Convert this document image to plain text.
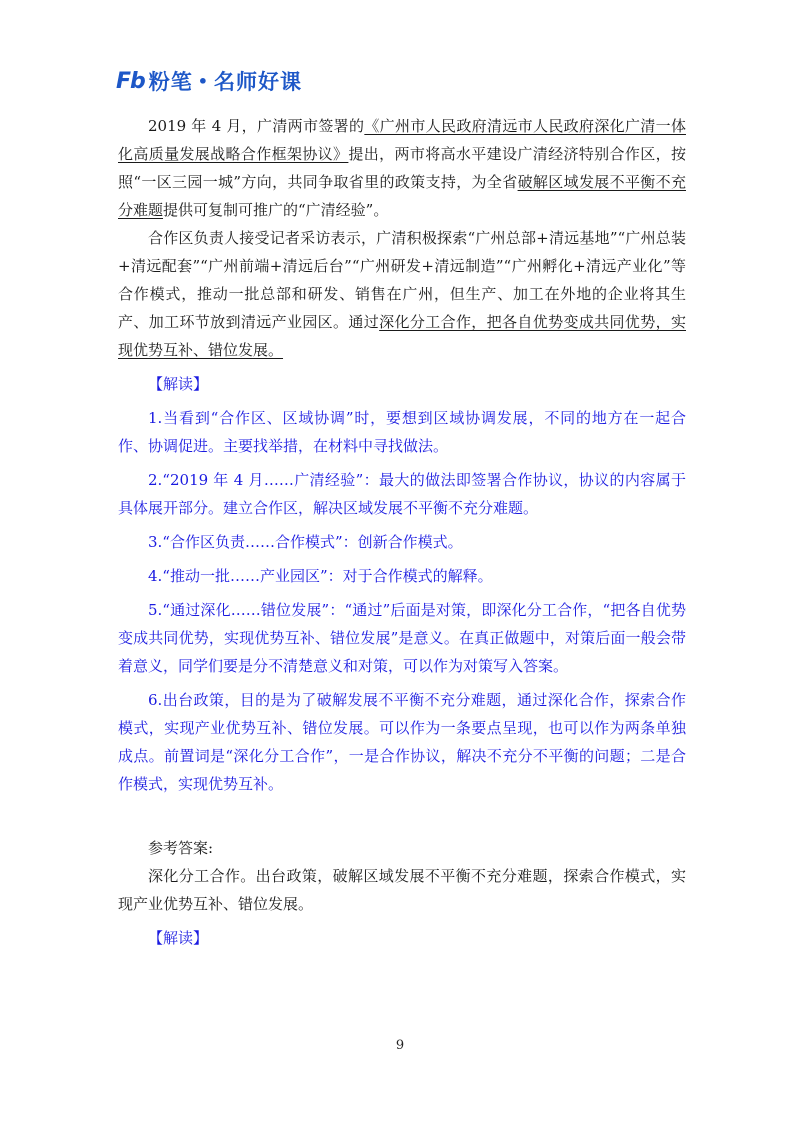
Fb 粉笔 • 名师好课

2019 年 4 月，广清两市签署的《广州市人民政府清远市人民政府深化广清一体化高质量发展战略合作框架协议》提出，两市将高水平建设广清经济特别合作区，按照“一区三园一城”方向，共同争取省里的政策支持，为全省破解区域发展不平衡不充分难题提供可复制可推广的“广清经验”。

合作区负责人接受记者采访表示，广清积极探索“广州总部+清远基地”“广州总装+清远配套”“广州前端+清远后台”“广州研发+清远制造”“广州孵化+清远产业化”等合作模式，推动一批总部和研发、销售在广州，但生产、加工在外地的企业将其生产、加工环节放到清远产业园区。通过深化分工合作，把各自优势变成共同优势，实现优势互补、错位发展。

【解读】

1.当看到“合作区、区域协调”时，要想到区域协调发展，不同的地方在一起合作、协调促进。主要找举措，在材料中寻找做法。

2.“2019 年 4 月……广清经验”：最大的做法即签署合作协议，协议的内容属于具体展开部分。建立合作区，解决区域发展不平衡不充分难题。

3.“合作区负责……合作模式”：创新合作模式。

4.“推动一批……产业园区”：对于合作模式的解释。

5.“通过深化……错位发展”：“通过”后面是对策，即深化分工合作，“把各自优势变成共同优势，实现优势互补、错位发展”是意义。在真正做题中，对策后面一般会带着意义，同学们要是分不清楚意义和对策，可以作为对策写入答案。

6.出台政策，目的是为了破解发展不平衡不充分难题，通过深化合作，探索合作模式，实现产业优势互补、错位发展。可以作为一条要点呈现，也可以作为两条单独成点。前置词是“深化分工合作”，一是合作协议，解决不充分不平衡的问题；二是合作模式，实现优势互补。

参考答案:

深化分工合作。出台政策，破解区域发展不平衡不充分难题，探索合作模式，实现产业优势互补、错位发展。

【解读】

9
